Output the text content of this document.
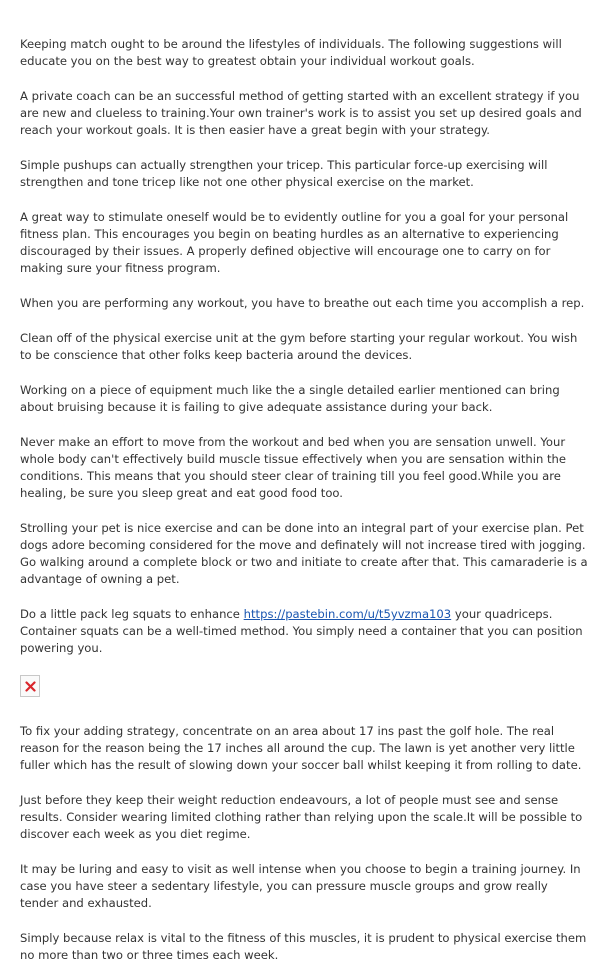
Keeping match ought to be around the lifestyles of individuals. The following suggestions will educate you on the best way to greatest obtain your individual workout goals.

A private coach can be an successful method of getting started with an excellent strategy if you are new and clueless to training.Your own trainer's work is to assist you set up desired goals and reach your workout goals. It is then easier have a great begin with your strategy.

Simple pushups can actually strengthen your tricep. This particular force-up exercising will strengthen and tone tricep like not one other physical exercise on the market.

A great way to stimulate oneself would be to evidently outline for you a goal for your personal fitness plan. This encourages you begin on beating hurdles as an alternative to experiencing discouraged by their issues. A properly defined objective will encourage one to carry on for making sure your fitness program.

When you are performing any workout, you have to breathe out each time you accomplish a rep.

Clean off of the physical exercise unit at the gym before starting your regular workout. You wish to be conscience that other folks keep bacteria around the devices.

Working on a piece of equipment much like the a single detailed earlier mentioned can bring about bruising because it is failing to give adequate assistance during your back.

Never make an effort to move from the workout and bed when you are sensation unwell. Your whole body can't effectively build muscle tissue effectively when you are sensation within the conditions. This means that you should steer clear of training till you feel good.While you are healing, be sure you sleep great and eat good food too.

Strolling your pet is nice exercise and can be done into an integral part of your exercise plan. Pet dogs adore becoming considered for the move and definately will not increase tired with jogging. Go walking around a complete block or two and initiate to create after that. This camaraderie is a advantage of owning a pet.

Do a little pack leg squats to enhance https://pastebin.com/u/t5yvzma103 your quadriceps. Container squats can be a well-timed method. You simply need a container that you can position powering you.

To fix your adding strategy, concentrate on an area about 17 ins past the golf hole. The real reason for the reason being the 17 inches all around the cup. The lawn is yet another very little fuller which has the result of slowing down your soccer ball whilst keeping it from rolling to date.

Just before they keep their weight reduction endeavours, a lot of people must see and sense results. Consider wearing limited clothing rather than relying upon the scale.It will be possible to discover each week as you diet regime.

It may be luring and easy to visit as well intense when you choose to begin a training journey. In case you have steer a sedentary lifestyle, you can pressure muscle groups and grow really tender and exhausted.

Simply because relax is vital to the fitness of this muscles, it is prudent to physical exercise them no more than two or three times each week.
